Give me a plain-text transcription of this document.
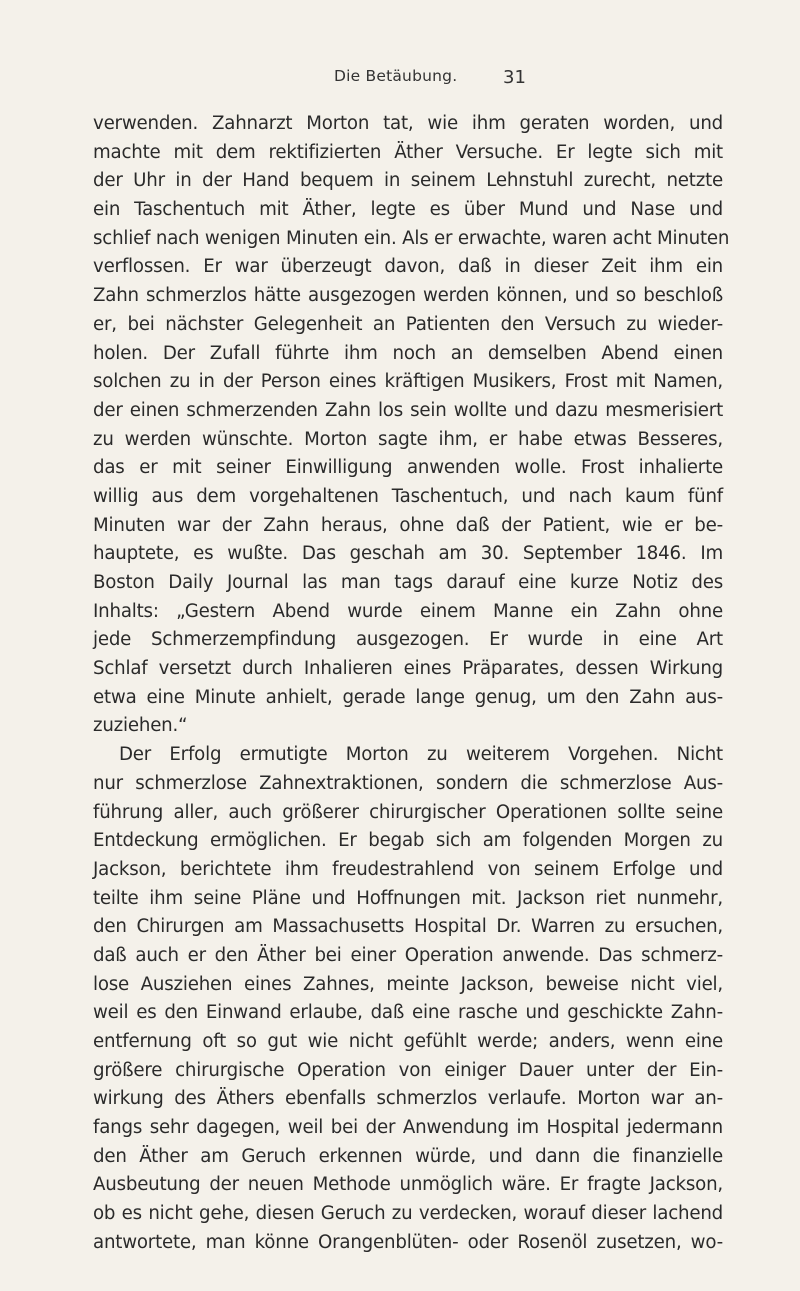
Die Betäubung.	31
verwenden. Zahnarzt Morton tat, wie ihm geraten worden, und
machte mit dem rektifizierten Äther Versuche. Er legte sich mit
der Uhr in der Hand bequem in seinem Lehnstuhl zurecht, netzte
ein Taschentuch mit Äther, legte es über Mund und Nase und
schlief nach wenigen Minuten ein. Als er erwachte, waren acht Minuten
verflossen. Er war überzeugt davon, daß in dieser Zeit ihm ein
Zahn schmerzlos hätte ausgezogen werden können, und so beschloß
er, bei nächster Gelegenheit an Patienten den Versuch zu wieder-
holen. Der Zufall führte ihm noch an demselben Abend einen
solchen zu in der Person eines kräftigen Musikers, Frost mit Namen,
der einen schmerzenden Zahn los sein wollte und dazu mesmerisiert
zu werden wünschte. Morton sagte ihm, er habe etwas Besseres,
das er mit seiner Einwilligung anwenden wolle. Frost inhalierte
willig aus dem vorgehaltenen Taschentuch, und nach kaum fünf
Minuten war der Zahn heraus, ohne daß der Patient, wie er be-
hauptete, es wußte. Das geschah am 30. September 1846. Im
Boston Daily Journal las man tags darauf eine kurze Notiz des
Inhalts: „Gestern Abend wurde einem Manne ein Zahn ohne
jede Schmerzempfindung ausgezogen. Er wurde in eine Art
Schlaf versetzt durch Inhalieren eines Präparates, dessen Wirkung
etwa eine Minute anhielt, gerade lange genug, um den Zahn aus-
zuziehen.“
Der Erfolg ermutigte Morton zu weiterem Vorgehen. Nicht
nur schmerzlose Zahnextraktionen, sondern die schmerzlose Aus-
führung aller, auch größerer chirurgischer Operationen sollte seine
Entdeckung ermöglichen. Er begab sich am folgenden Morgen zu
Jackson, berichtete ihm freudestrahlend von seinem Erfolge und
teilte ihm seine Pläne und Hoffnungen mit. Jackson riet nunmehr,
den Chirurgen am Massachusetts Hospital Dr. Warren zu ersuchen,
daß auch er den Äther bei einer Operation anwende. Das schmerz-
lose Ausziehen eines Zahnes, meinte Jackson, beweise nicht viel,
weil es den Einwand erlaube, daß eine rasche und geschickte Zahn-
entfernung oft so gut wie nicht gefühlt werde; anders, wenn eine
größere chirurgische Operation von einiger Dauer unter der Ein-
wirkung des Äthers ebenfalls schmerzlos verlaufe. Morton war an-
fangs sehr dagegen, weil bei der Anwendung im Hospital jedermann
den Äther am Geruch erkennen würde, und dann die finanzielle
Ausbeutung der neuen Methode unmöglich wäre. Er fragte Jackson,
ob es nicht gehe, diesen Geruch zu verdecken, worauf dieser lachend
antwortete, man könne Orangenblüten- oder Rosenöl zusetzen, wo-
